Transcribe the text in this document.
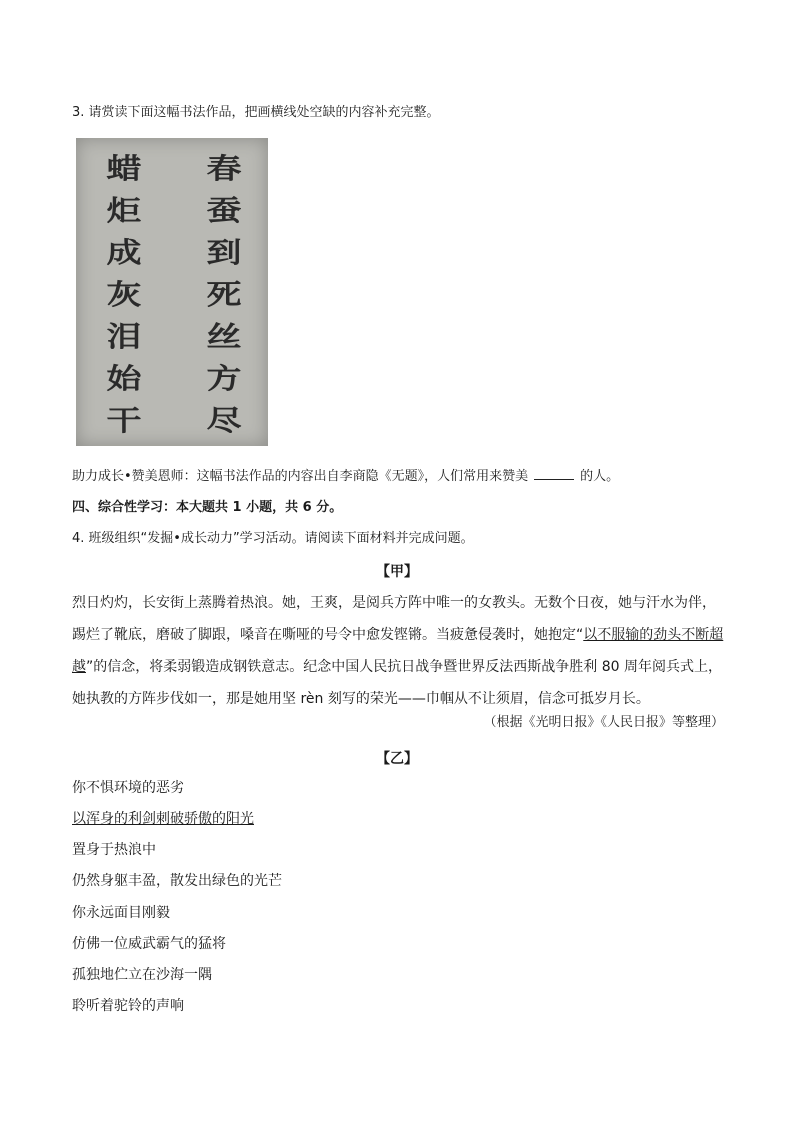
3. 请赏读下面这幅书法作品，把画横线处空缺的内容补充完整。
春
蚕
到
死
丝
方
尽
蜡
炬
成
灰
泪
始
干
助力成长•赞美恩师：这幅书法作品的内容出自李商隐《无题》，人们常用来赞美	的人。
四、综合性学习：本大题共 1 小题，共 6 分。
4. 班级组织“发掘•成长动力”学习活动。请阅读下面材料并完成问题。
【甲】

烈日灼灼，长安街上蒸腾着热浪。她，王爽，是阅兵方阵中唯一的女教头。无数个日夜，她与汗水为伴，踢烂了靴底，磨破了脚跟，嗓音在嘶哑的号令中愈发铿锵。当疲惫侵袭时，她抱定“以不服输的劲头不断超越”的信念，将柔弱锻造成钢铁意志。纪念中国人民抗日战争暨世界反法西斯战争胜利 80 周年阅兵式上，她执教的方阵步伐如一，那是她用坚 rèn 刻写的荣光——巾帼从不让须眉，信念可抵岁月长。

（根据《光明日报》《人民日报》等整理）
【乙】
你不惧环境的恶劣
以浑身的利剑刺破骄傲的阳光
置身于热浪中
仍然身躯丰盈，散发出绿色的光芒
你永远面目刚毅
仿佛一位威武霸气的猛将
孤独地伫立在沙海一隅
聆听着驼铃的声响
